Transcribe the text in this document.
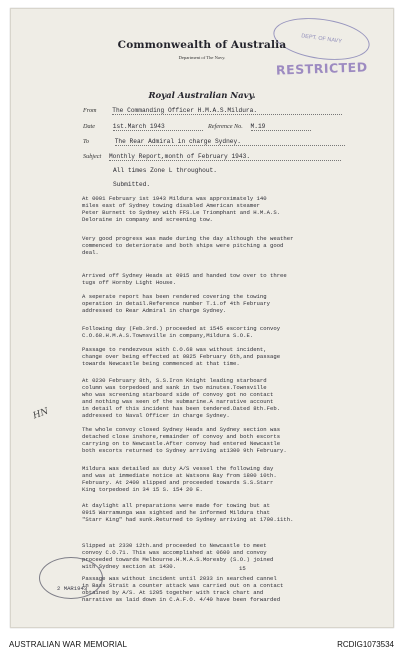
DEPT. OF NAVY
RESTRICTED
Commonwealth of Australia
Department of The Navy.
Royal Australian Navy.
From	The Commanding Officer H.M.A.S.Mildura.
Date	1st.March 1943	Reference No. M.19
To	The Rear Admiral in charge Sydney.
Subject Monthly Report,month of February 1943.
All times Zone L throughout.
Submitted.
HN
At 0001 February 1st 1943 Mildura was approximately 140
miles east of Sydney towing disabled American steamer
Peter Burnett to Sydney with FFS.Le Triomphant and H.M.A.S.
Deloraine in company and screening tow.
Very good progress was made during the day although the weather
commenced to deteriorate and both ships were pitching a good
deal.
Arrived off Sydney Heads at 0915 and handed tow over to three
tugs off Hornby Light House.
A seperate report has been rendered covering the towing
operation in detail.Reference number T.1.of 4th February
addressed to Rear Admiral in charge Sydney.
Following day (Feb.3rd.) proceeded at 1545 escorting convoy
C.O.68.H.M.A.S.Townsville in company,Mildura S.O.E.
Passage to rendezvous with C.O.68 was without incident,
change over being effected at 0825 February 6th,and passage
towards Newcastle being commenced at that time.
At 0230 February 8th, S.S.Iron Knight leading starboard
column was torpedoed and sank in two minutes.Townsville
who was screening starboard side of convoy got no contact
and nothing was seen of the submarine.A narrative account
in detail of this incident has been tendered.Dated 8th.Feb.
addressed to Naval Officer in charge Sydney.
The whole convoy closed Sydney Heads and Sydney section was
detached close inshore,remainder of convoy and both escorts
carrying on to Newcastle.After convoy had entered Newcastle
both escorts returned to Sydney arriving at1300 9th February.
Mildura was detailed as duty A/S vessel the following day
and was at immediate notice at Watsons Bay from 1800 10th.
February. At 2400 slipped and proceeded towards S.S.Starr
King torpedoed in 34 15 S. 154 20 E.
At daylight all preparations were made for towing but at
0915 Warramunga was sighted and he informed Mildura that
"Starr King" had sunk.Returned to Sydney arriving at 1700.11th.
Slipped at 2330 12th.and proceeded to Newcastle to meet
convoy C.O.71. This was accomplished at 0600 and convoy
proceeded towards Melbourne.H.M.A.S.Moresby (S.O.) joined
with Sydney section at 1430.
Passage was without incident until 2033 in searched cannel
in Bass Strait a counter attack was carried out on a contact
obtained by A/S. At 1205 together with track chart and
narrative as laid down in C.A.F.O. 4/40 have been forwarded
15
2 MAR1943
AUSTRALIAN WAR MEMORIAL	RCDIG1073534
